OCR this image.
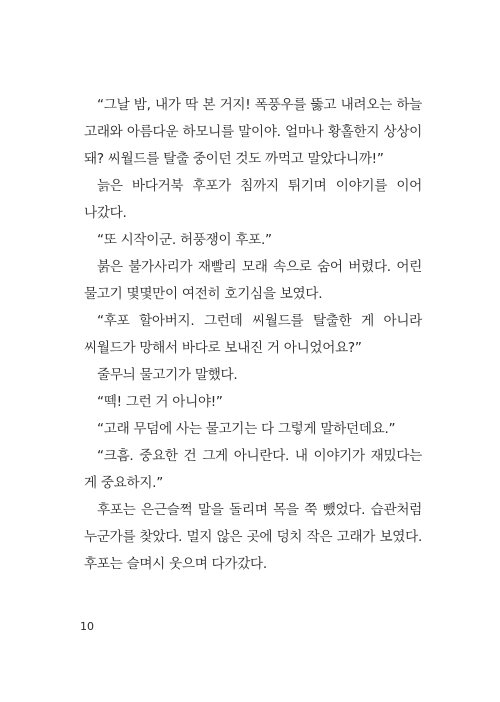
“그날 밤, 내가 딱 본 거지! 폭풍우를 뚫고 내려오는 하늘 고래와 아름다운 하모니를 말이야. 얼마나 황홀한지 상상이 돼? 씨월드를 탈출 중이던 것도 까먹고 말았다니까!”

늙은 바다거북 후포가 침까지 튀기며 이야기를 이어 나갔다.

“또 시작이군. 허풍쟁이 후포.”

붉은 불가사리가 재빨리 모래 속으로 숨어 버렸다. 어린 물고기 몇몇만이 여전히 호기심을 보였다.

“후포 할아버지. 그런데 씨월드를 탈출한 게 아니라 씨월드가 망해서 바다로 보내진 거 아니었어요?”

줄무늬 물고기가 말했다.

“떽! 그런 거 아니야!”

“고래 무덤에 사는 물고기는 다 그렇게 말하던데요.”

“크흠. 중요한 건 그게 아니란다. 내 이야기가 재밌다는 게 중요하지.”

후포는 은근슬쩍 말을 돌리며 목을 쭉 뺐었다. 습관처럼 누군가를 찾았다. 멀지 않은 곳에 덩치 작은 고래가 보였다. 후포는 슬며시 웃으며 다가갔다.

10
